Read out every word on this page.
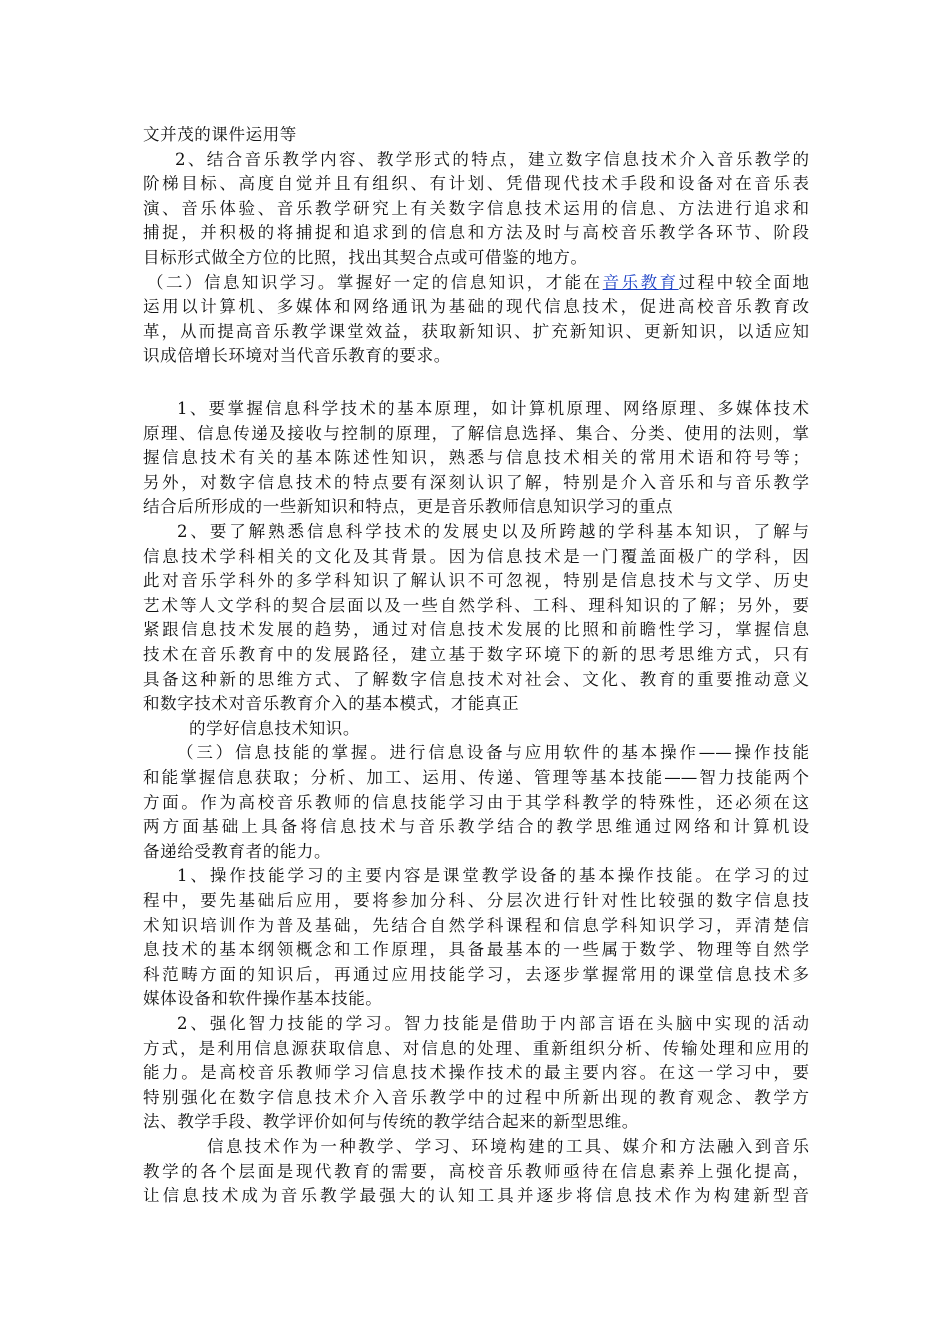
文并茂的课件运用等
2、结合音乐教学内容、教学形式的特点，建立数字信息技术介入音乐教学的
阶梯目标、高度自觉并且有组织、有计划、凭借现代技术手段和设备对在音乐表
演、音乐体验、音乐教学研究上有关数字信息技术运用的信息、方法进行追求和
捕捉，并积极的将捕捉和追求到的信息和方法及时与高校音乐教学各环节、阶段
目标形式做全方位的比照，找出其契合点或可借鉴的地方。
（二）信息知识学习。掌握好一定的信息知识，才能在音乐教育过程中较全面地
运用以计算机、多媒体和网络通讯为基础的现代信息技术，促进高校音乐教育改
革，从而提高音乐教学课堂效益，获取新知识、扩充新知识、更新知识，以适应知
识成倍增长环境对当代音乐教育的要求。
1、要掌握信息科学技术的基本原理，如计算机原理、网络原理、多媒体技术
原理、信息传递及接收与控制的原理，了解信息选择、集合、分类、使用的法则，掌
握信息技术有关的基本陈述性知识，熟悉与信息技术相关的常用术语和符号等；
另外，对数字信息技术的特点要有深刻认识了解，特别是介入音乐和与音乐教学
结合后所形成的一些新知识和特点，更是音乐教师信息知识学习的重点
2、要了解熟悉信息科学技术的发展史以及所跨越的学科基本知识，了解与
信息技术学科相关的文化及其背景。因为信息技术是一门覆盖面极广的学科，因
此对音乐学科外的多学科知识了解认识不可忽视，特别是信息技术与文学、历史
艺术等人文学科的契合层面以及一些自然学科、工科、理科知识的了解；另外，要
紧跟信息技术发展的趋势，通过对信息技术发展的比照和前瞻性学习，掌握信息
技术在音乐教育中的发展路径，建立基于数字环境下的新的思考思维方式，只有
具备这种新的思维方式、了解数字信息技术对社会、文化、教育的重要推动意义
和数字技术对音乐教育介入的基本模式，才能真正
的学好信息技术知识。
（三）信息技能的掌握。进行信息设备与应用软件的基本操作——操作技能
和能掌握信息获取；分析、加工、运用、传递、管理等基本技能——智力技能两个
方面。作为高校音乐教师的信息技能学习由于其学科教学的特殊性，还必须在这
两方面基础上具备将信息技术与音乐教学结合的教学思维通过网络和计算机设
备递给受教育者的能力。
1、操作技能学习的主要内容是课堂教学设备的基本操作技能。在学习的过
程中，要先基础后应用，要将参加分科、分层次进行针对性比较强的数字信息技
术知识培训作为普及基础，先结合自然学科课程和信息学科知识学习，弄清楚信
息技术的基本纲领概念和工作原理，具备最基本的一些属于数学、物理等自然学
科范畴方面的知识后，再通过应用技能学习，去逐步掌握常用的课堂信息技术多
媒体设备和软件操作基本技能。
2、强化智力技能的学习。智力技能是借助于内部言语在头脑中实现的活动
方式，是利用信息源获取信息、对信息的处理、重新组织分析、传输处理和应用的
能力。是高校音乐教师学习信息技术操作技术的最主要内容。在这一学习中，要
特别强化在数字信息技术介入音乐教学中的过程中所新出现的教育观念、教学方
法、教学手段、教学评价如何与传统的教学结合起来的新型思维。
信息技术作为一种教学、学习、环境构建的工具、媒介和方法融入到音乐
教学的各个层面是现代教育的需要，高校音乐教师亟待在信息素养上强化提高，
让信息技术成为音乐教学最强大的认知工具并逐步将信息技术作为构建新型音
